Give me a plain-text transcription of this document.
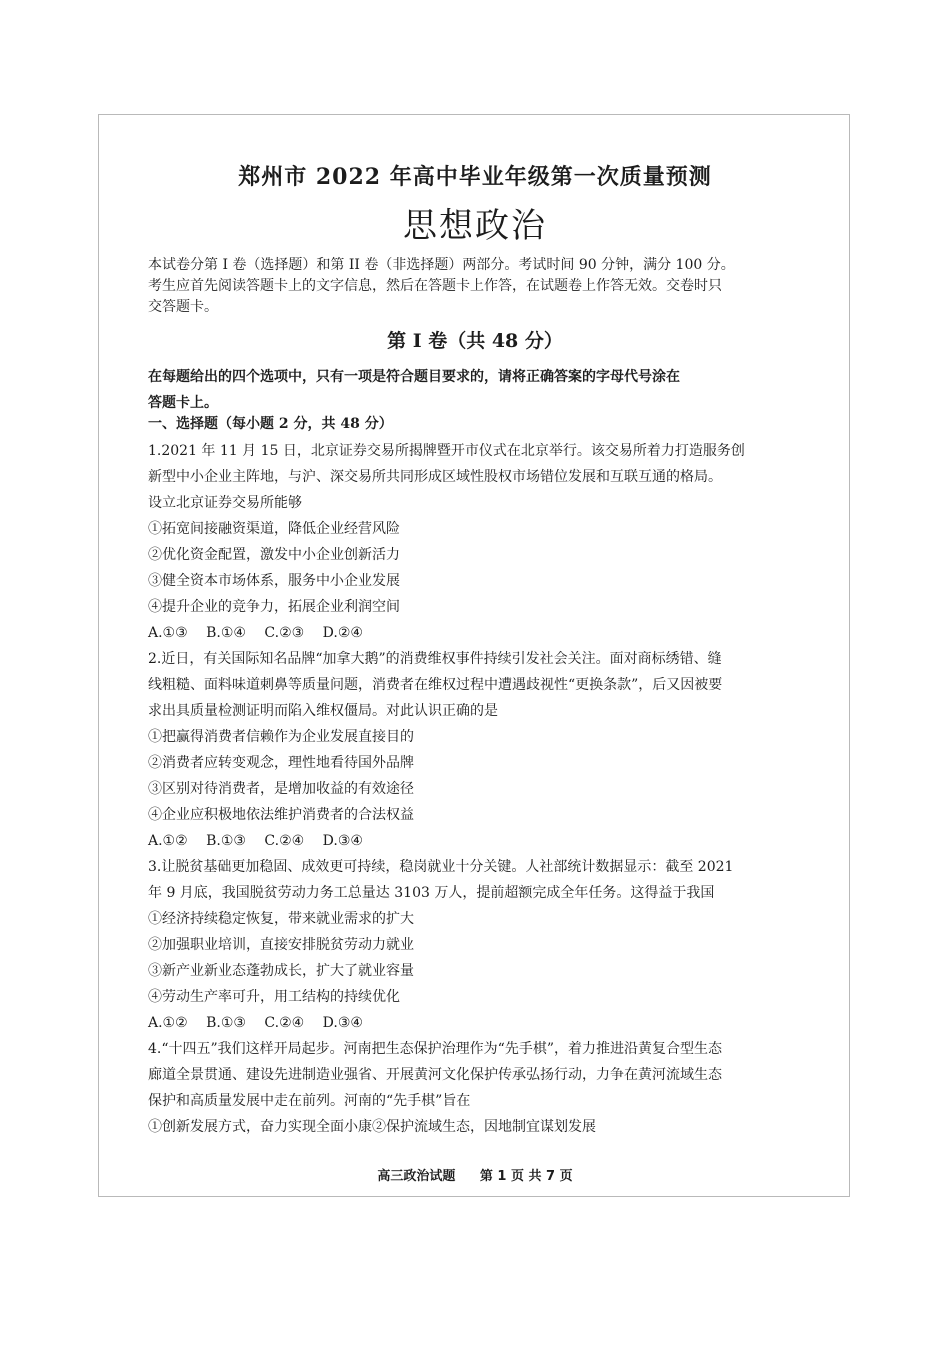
郑州市 2022 年高中毕业年级第一次质量预测
思想政治
本试卷分第 I 卷（选择题）和第 II 卷（非选择题）两部分。考试时间 90 分钟，满分 100 分。
考生应首先阅读答题卡上的文字信息，然后在答题卡上作答，在试题卷上作答无效。交卷时只
交答题卡。
第 I 卷（共 48 分）
在每题给出的四个选项中，只有一项是符合题目要求的，请将正确答案的字母代号涂在
答题卡上。
一、选择题（每小题 2 分，共 48 分）
1.2021 年 11 月 15 日，北京证券交易所揭牌暨开市仪式在北京举行。该交易所着力打造服务创
新型中小企业主阵地，与沪、深交易所共同形成区域性股权市场错位发展和互联互通的格局。
设立北京证券交易所能够
①拓宽间接融资渠道，降低企业经营风险
②优化资金配置，激发中小企业创新活力
③健全资本市场体系，服务中小企业发展
④提升企业的竞争力，拓展企业利润空间
A.①③ B.①④ C.②③ D.②④
2.近日，有关国际知名品牌“加拿大鹅”的消费维权事件持续引发社会关注。面对商标绣错、缝
线粗糙、面料味道刺鼻等质量问题，消费者在维权过程中遭遇歧视性“更换条款”，后又因被要
求出具质量检测证明而陷入维权僵局。对此认识正确的是
①把赢得消费者信赖作为企业发展直接目的
②消费者应转变观念，理性地看待国外品牌
③区别对待消费者，是增加收益的有效途径
④企业应积极地依法维护消费者的合法权益
A.①② B.①③ C.②④ D.③④
3.让脱贫基础更加稳固、成效更可持续，稳岗就业十分关键。人社部统计数据显示：截至 2021
年 9 月底，我国脱贫劳动力务工总量达 3103 万人，提前超额完成全年任务。这得益于我国
①经济持续稳定恢复，带来就业需求的扩大
②加强职业培训，直接安排脱贫劳动力就业
③新产业新业态蓬勃成长，扩大了就业容量
④劳动生产率可升，用工结构的持续优化
A.①② B.①③ C.②④ D.③④
4.“十四五”我们这样开局起步。河南把生态保护治理作为“先手棋”，着力推进沿黄复合型生态
廊道全景贯通、建设先进制造业强省、开展黄河文化保护传承弘扬行动，力争在黄河流域生态
保护和高质量发展中走在前列。河南的“先手棋”旨在
①创新发展方式，奋力实现全面小康②保护流域生态，因地制宜谋划发展
高三政治试题 第 1 页 共 7 页
